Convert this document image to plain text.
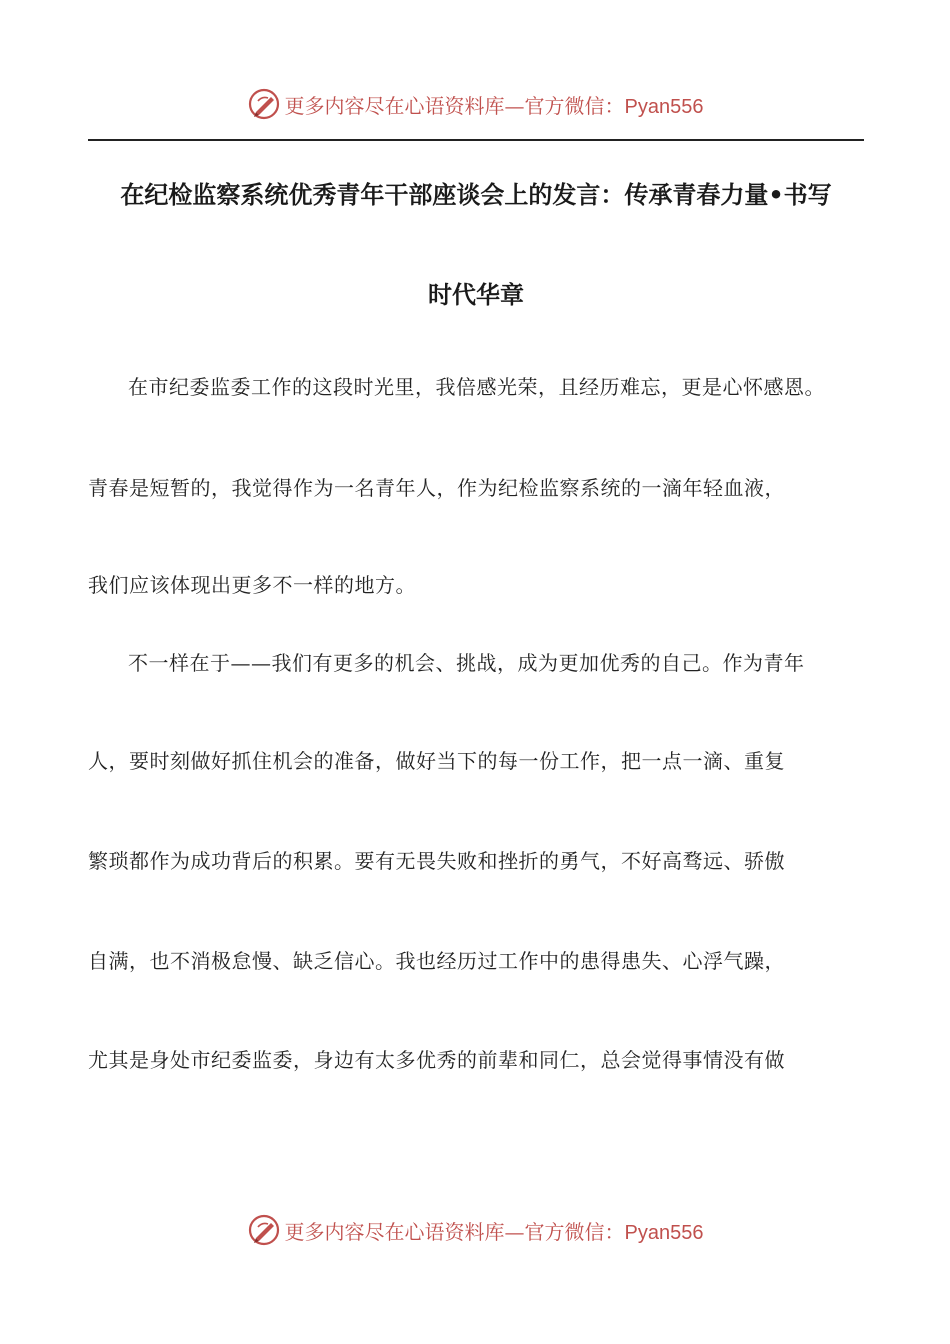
更多内容尽在心语资料库—官方微信：Pyan556
在纪检监察系统优秀青年干部座谈会上的发言：传承青春力量•书写
时代华章
在市纪委监委工作的这段时光里，我倍感光荣，且经历难忘，更是心怀感恩。
青春是短暂的，我觉得作为一名青年人，作为纪检监察系统的一滴年轻血液，
我们应该体现出更多不一样的地方。
不一样在于——我们有更多的机会、挑战，成为更加优秀的自己。作为青年
人，要时刻做好抓住机会的准备，做好当下的每一份工作，把一点一滴、重复
繁琐都作为成功背后的积累。要有无畏失败和挫折的勇气，不好高骛远、骄傲
自满，也不消极怠慢、缺乏信心。我也经历过工作中的患得患失、心浮气躁，
尤其是身处市纪委监委，身边有太多优秀的前辈和同仁，总会觉得事情没有做
更多内容尽在心语资料库—官方微信：Pyan556
